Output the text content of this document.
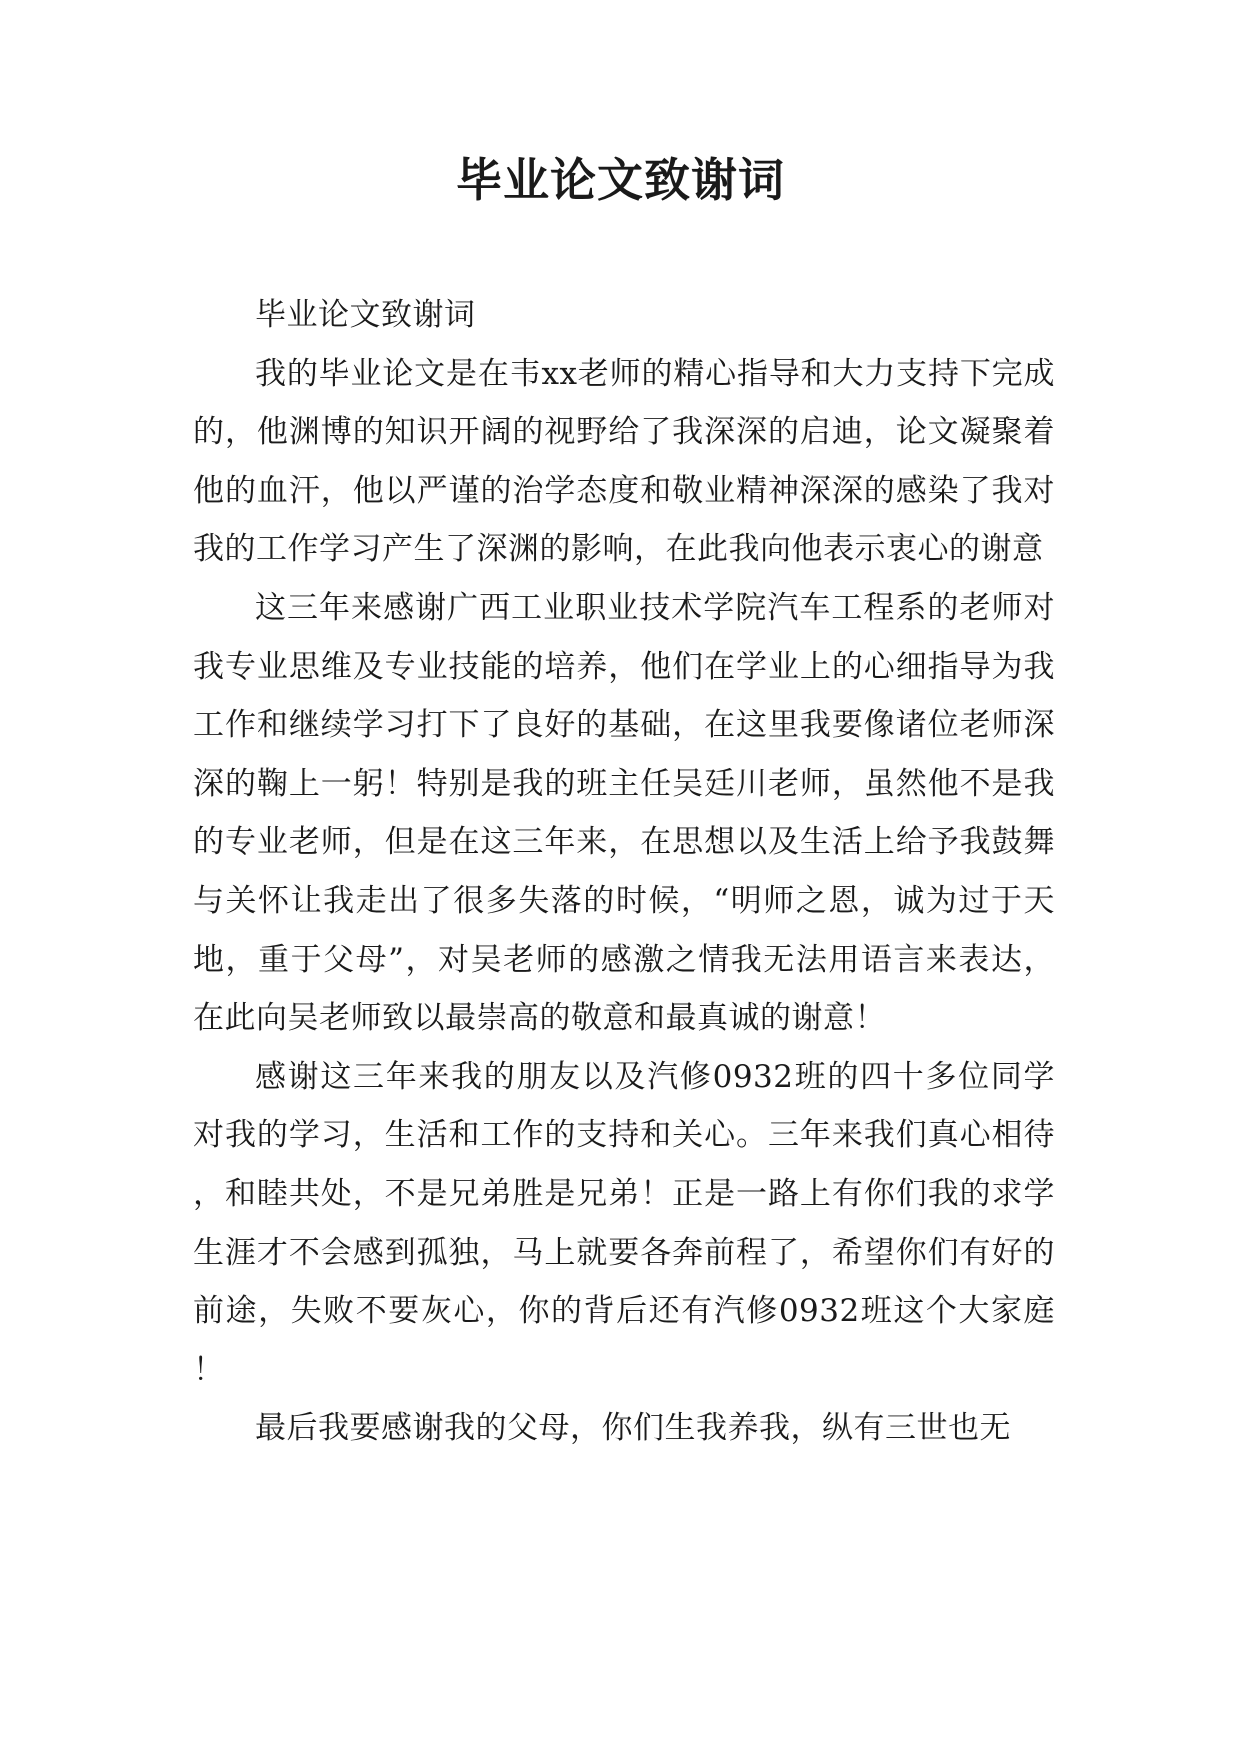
毕业论文致谢词

毕业论文致谢词

我的毕业论文是在韦xx老师的精心指导和大力支持下完成的，他渊博的知识开阔的视野给了我深深的启迪，论文凝聚着他的血汗，他以严谨的治学态度和敬业精神深深的感染了我对我的工作学习产生了深渊的影响，在此我向他表示衷心的谢意

这三年来感谢广西工业职业技术学院汽车工程系的老师对我专业思维及专业技能的培养，他们在学业上的心细指导为我工作和继续学习打下了良好的基础，在这里我要像诸位老师深深的鞠上一躬！特别是我的班主任吴廷川老师，虽然他不是我的专业老师，但是在这三年来，在思想以及生活上给予我鼓舞与关怀让我走出了很多失落的时候，“明师之恩，诚为过于天地，重于父母”，对吴老师的感激之情我无法用语言来表达，在此向吴老师致以最崇高的敬意和最真诚的谢意！

感谢这三年来我的朋友以及汽修0932班的四十多位同学对我的学习，生活和工作的支持和关心。三年来我们真心相待，和睦共处，不是兄弟胜是兄弟！正是一路上有你们我的求学生涯才不会感到孤独，马上就要各奔前程了，希望你们有好的前途，失败不要灰心，你的背后还有汽修0932班这个大家庭！

最后我要感谢我的父母，你们生我养我，纵有三世也无
